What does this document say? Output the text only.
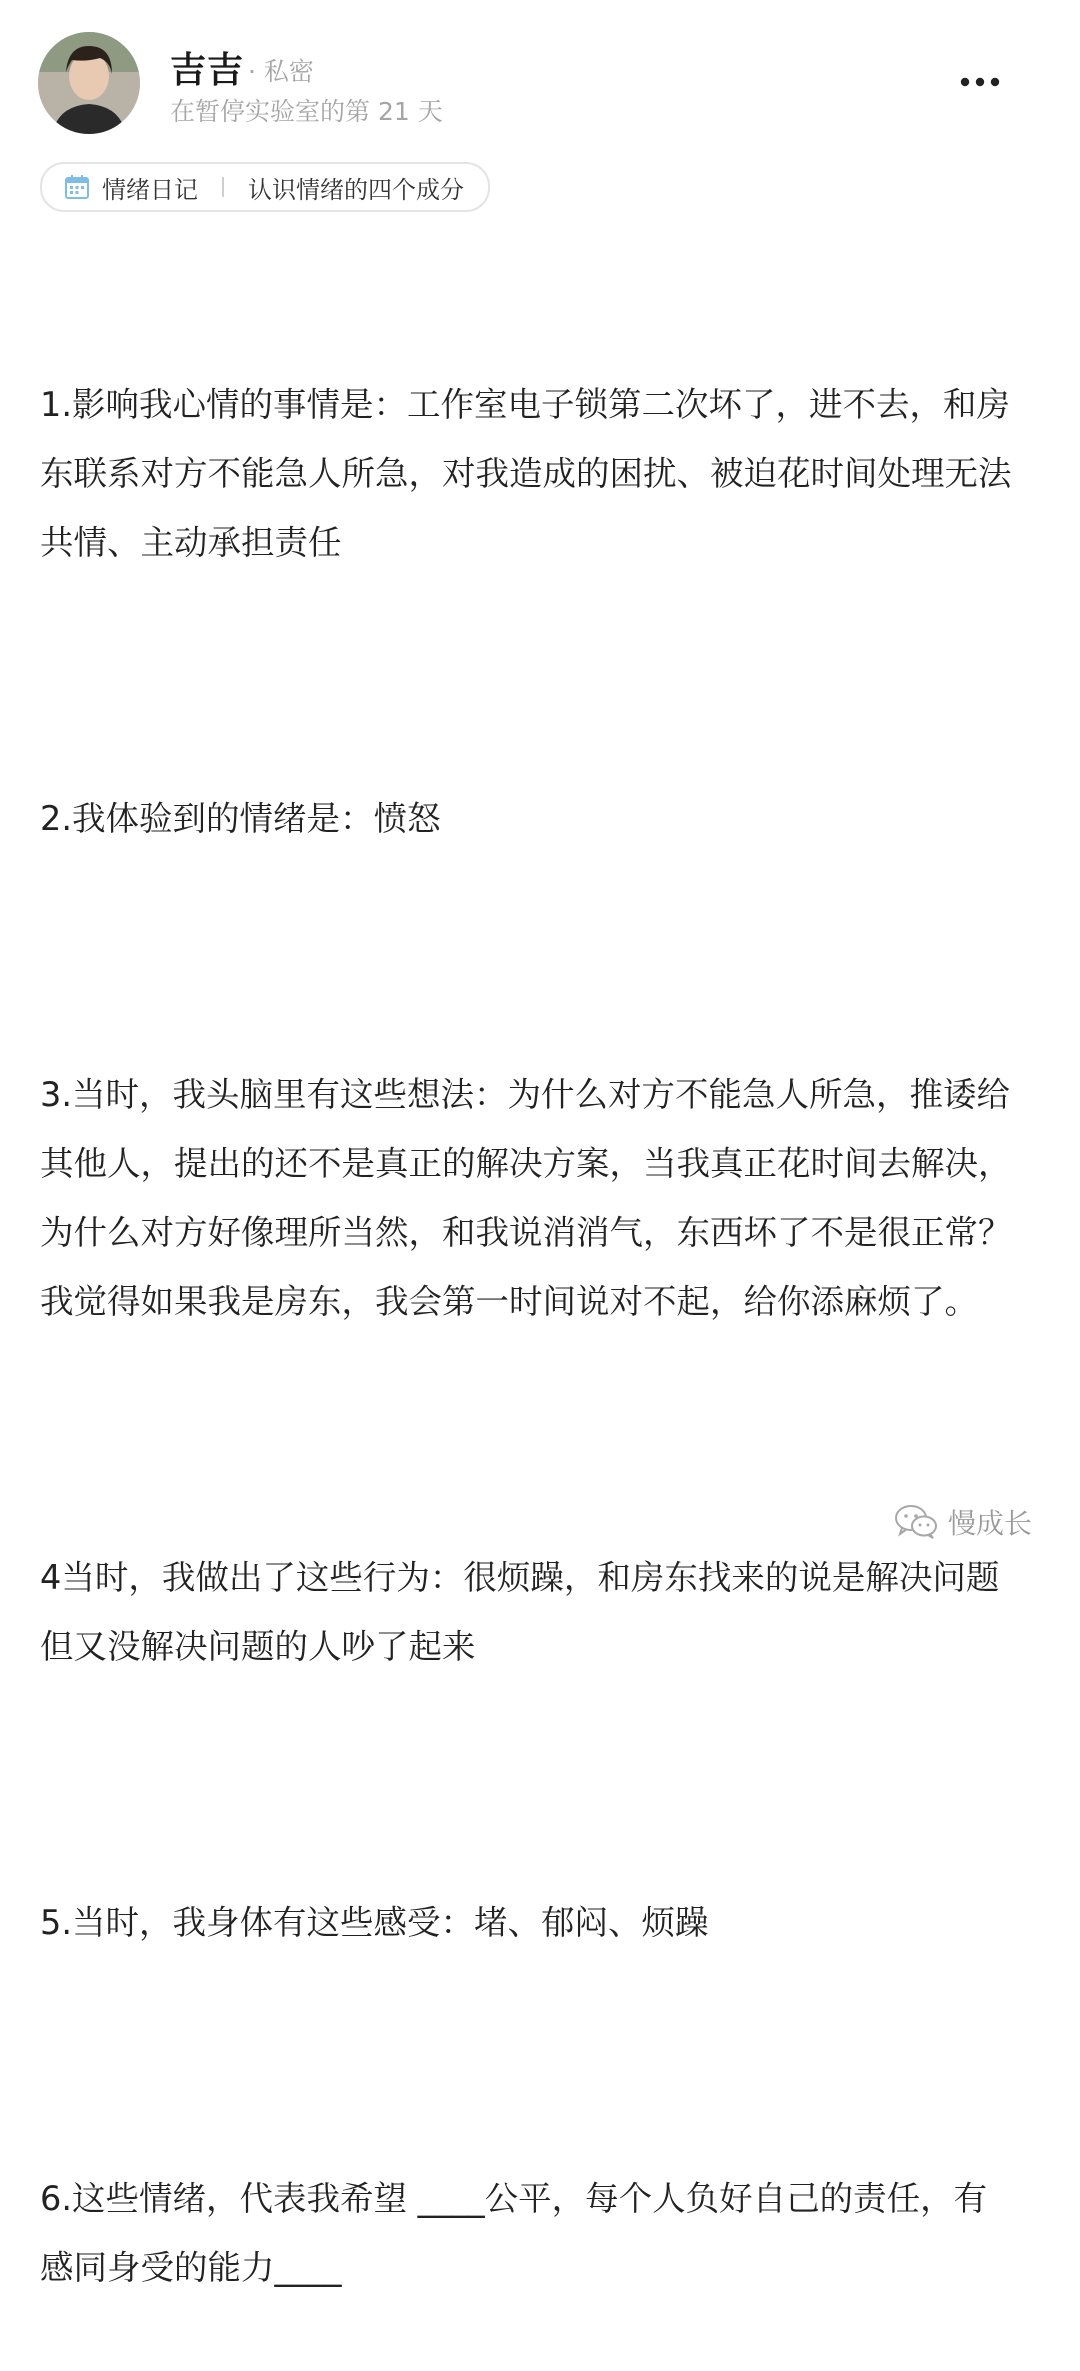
吉吉 · 私密
在暂停实验室的第 21 天
情绪日记 认识情绪的四个成分

1.影响我心情的事情是：工作室电子锁第二次坏了，进不去，和房东联系对方不能急人所急，对我造成的困扰、被迫花时间处理无法共情、主动承担责任

2.我体验到的情绪是：愤怒

3.当时，我头脑里有这些想法：为什么对方不能急人所急，推诿给其他人，提出的还不是真正的解决方案，当我真正花时间去解决，为什么对方好像理所当然，和我说消消气，东西坏了不是很正常？我觉得如果我是房东，我会第一时间说对不起，给你添麻烦了。

4当时，我做出了这些行为：很烦躁，和房东找来的说是解决问题但又没解决问题的人吵了起来

5.当时，我身体有这些感受：堵、郁闷、烦躁

6.这些情绪，代表我希望 ____公平，每个人负好自己的责任，有感同身受的能力____

慢成长
